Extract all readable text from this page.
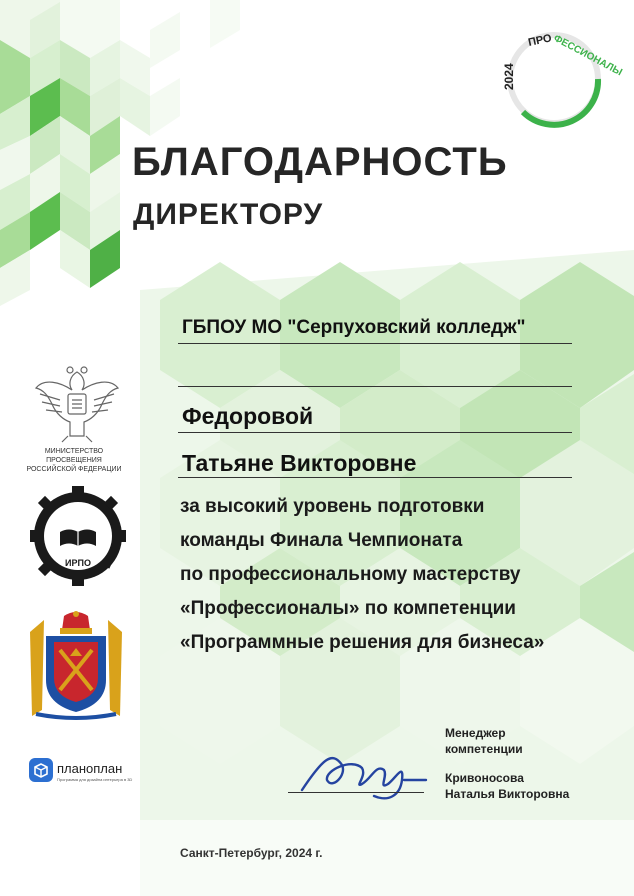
2024
ПРО
ФЕССИОНАЛЫ
БЛАГОДАРНОСТЬ
ДИРЕКТОРУ
ГБПОУ МО "Серпуховский колледж"
Федоровой
Татьяне Викторовне
за высокий уровень подготовки
команды Финала Чемпионата
по профессиональному мастерству
«Профессионалы» по компетенции
«Программные решения для бизнеса»
МИНИСТЕРСТВО ПРОСВЕЩЕНИЯ
РОССИЙСКОЙ ФЕДЕРАЦИИ
ИРПО
планоплан
Программа для дизайна интерьера в 3D
Менеджер
компетенции
Кривоносова
Наталья Викторовна
Санкт-Петербург, 2024 г.
